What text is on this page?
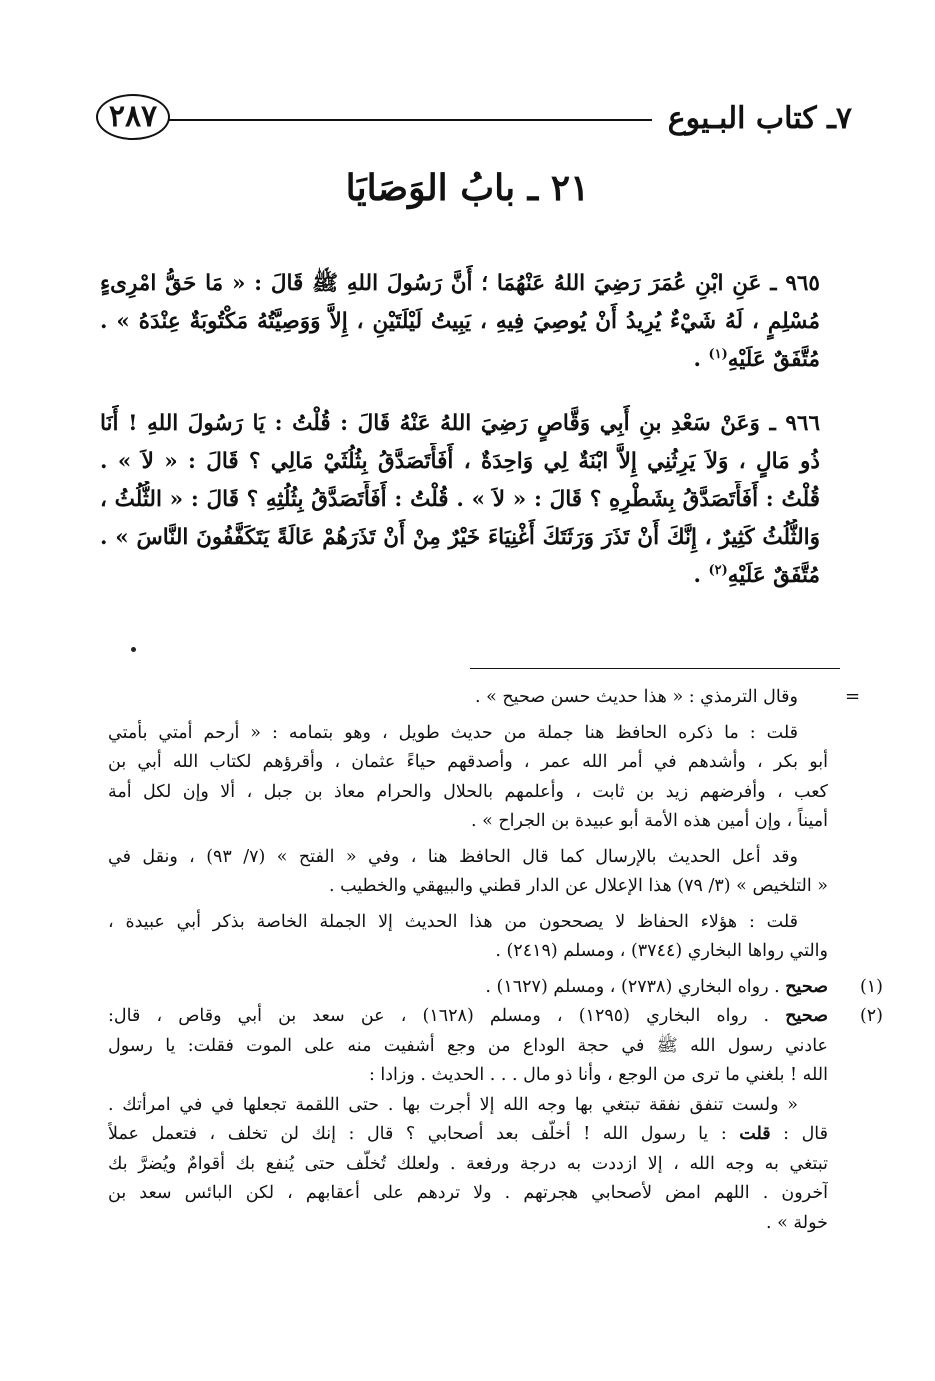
٧ـ كتاب البـيوع
٢٨٧
٢١ ـ بابُ الوَصَايَا
٩٦٥ ـ عَنِ ابْنِ عُمَرَ رَضِيَ اللهُ عَنْهُمَا ؛ أَنَّ رَسُولَ اللهِ ﷺ قَالَ : « مَا حَقُّ امْرِىءٍ
مُسْلِمٍ ، لَهُ شَيْءٌ يُرِيدُ أَنْ يُوصِيَ فِيهِ ، يَبِيتُ لَيْلَتَيْنِ ، إِلاَّ وَوَصِيَّتُهُ مَكْتُوبَةٌ عِنْدَهُ » .
مُتَّفَقٌ عَلَيْهِ$^{(١)}$ .
٩٦٦ ـ وَعَنْ سَعْدِ بنِ أَبِي وَقَّاصٍ رَضِيَ اللهُ عَنْهُ قَالَ : قُلْتُ : يَا رَسُولَ اللهِ ! أَنَا
ذُو مَالٍ ، وَلاَ يَرِثُنِي إِلاَّ ابْنَةٌ لِي وَاحِدَةٌ ، أَفَأَتَصَدَّقُ بِثُلُثَيْ مَالِي ؟ قَالَ : « لاَ » .
قُلْتُ : أَفَأَتَصَدَّقُ بِشَطْرِهِ ؟ قَالَ : « لاَ » . قُلْتُ : أَفَأَتَصَدَّقُ بِثُلُثِهِ ؟ قَالَ : « الثُّلُثُ ،
وَالثُّلُثُ كَثِيرٌ ، إِنَّكَ أَنْ تَذَرَ وَرَثَتَكَ أَغْنِيَاءَ خَيْرٌ مِنْ أَنْ تَذَرَهُمْ عَالَةً يَتَكَفَّفُونَ النَّاسَ » .
مُتَّفَقٌ عَلَيْهِ$^{(٢)}$ .
=
وقال الترمذي : « هذا حديث حسن صحيح » .
قلت : ما ذكره الحافظ هنا جملة من حديث طويل ، وهو بتمامه : « أرحم أمتي بأمتي
أبو بكر ، وأشدهم في أمر الله عمر ، وأصدقهم حياءً عثمان ، وأقرؤهم لكتاب الله أبي بن
كعب ، وأفرضهم زيد بن ثابت ، وأعلمهم بالحلال والحرام معاذ بن جبل ، ألا وإن لكل أمة
أميناً ، وإن أمين هذه الأمة أبو عبيدة بن الجراح » .
وقد أعل الحديث بالإرسال كما قال الحافظ هنا ، وفي « الفتح » (٧/ ٩٣) ، ونقل في
« التلخيص » (٣/ ٧٩) هذا الإعلال عن الدار قطني والبيهقي والخطيب .
قلت : هؤلاء الحفاظ لا يصححون من هذا الحديث إلا الجملة الخاصة بذكر أبي عبيدة ،
والتي رواها البخاري (٣٧٤٤) ، ومسلم (٢٤١٩) .
(١)
صحيح . رواه البخاري (٢٧٣٨) ، ومسلم (١٦٢٧) .
(٢)
صحيح . رواه البخاري (١٢٩٥) ، ومسلم (١٦٢٨) ، عن سعد بن أبي وقاص ، قال:
عادني رسول الله ﷺ في حجة الوداع من وجع أشفيت منه على الموت فقلت: يا رسول
الله ! بلغني ما ترى من الوجع ، وأنا ذو مال . . . الحديث . وزادا :
« ولست تنفق نفقة تبتغي بها وجه الله إلا أجرت بها . حتى اللقمة تجعلها في في امرأتك .
قال : قلت : يا رسول الله ! أخلّف بعد أصحابي ؟ قال : إنك لن تخلف ، فتعمل عملاً
تبتغي به وجه الله ، إلا ازددت به درجة ورفعة . ولعلك تُخلَّف حتى يُنفع بك أقوامٌ ويُضرَّ بك
آخرون . اللهم امض لأصحابي هجرتهم . ولا تردهم على أعقابهم ، لكن البائس سعد بن
خولة » .
